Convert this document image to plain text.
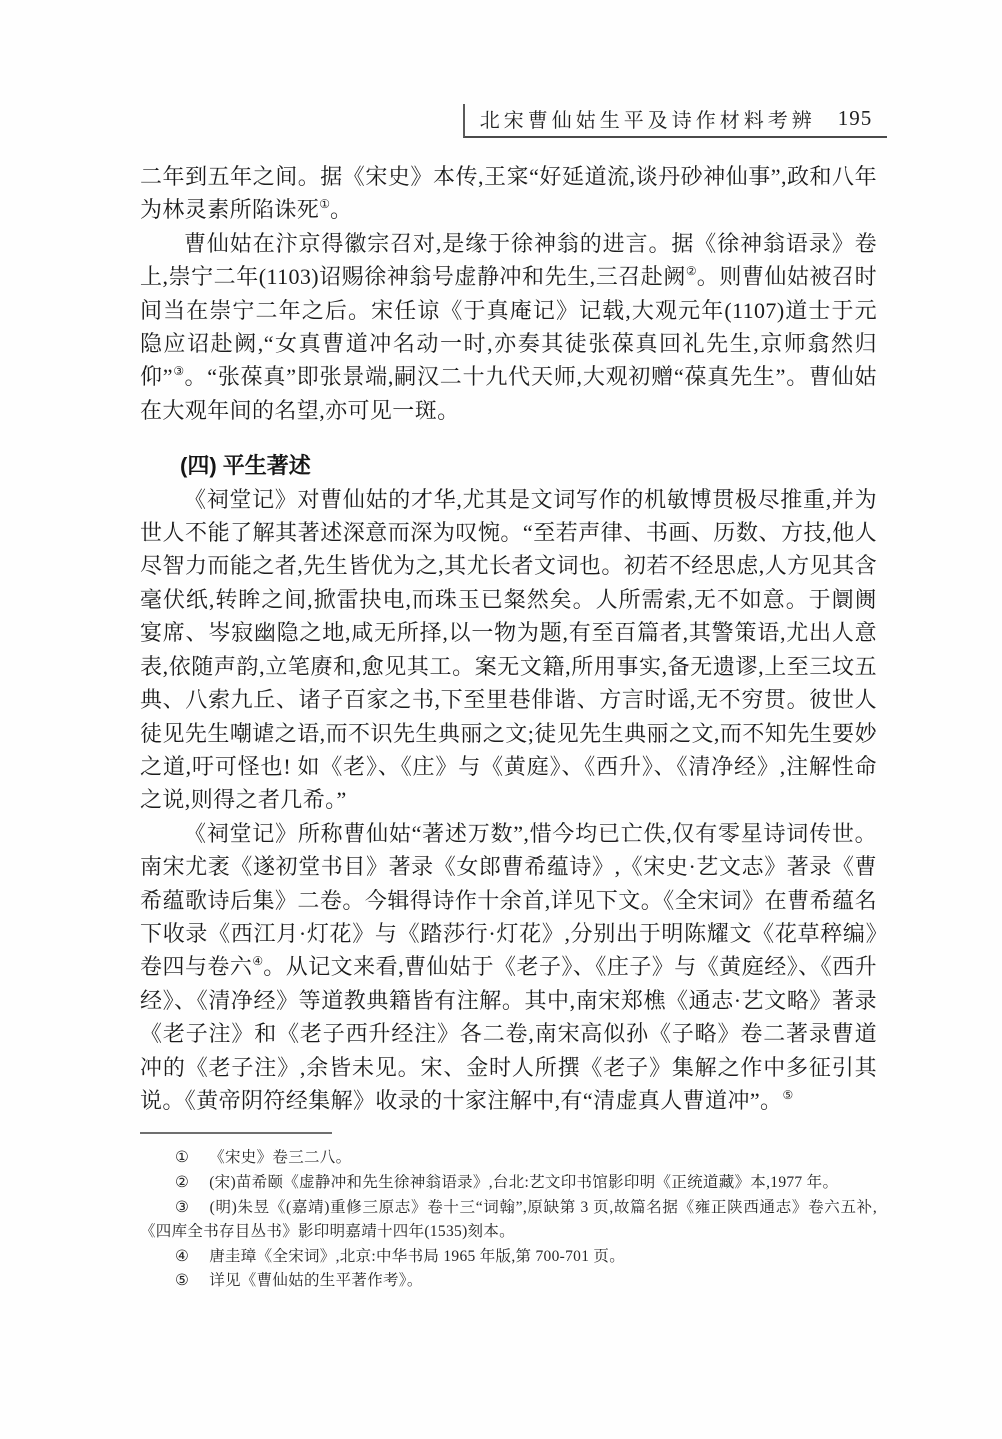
北宋曹仙姑生平及诗作材料考辨 195

二年到五年之间。据《宋史》本传,王寀“好延道流,谈丹砂神仙事”,政和八年为林灵素所陷诛死①。

曹仙姑在汴京得徽宗召对,是缘于徐神翁的进言。据《徐神翁语录》卷上,崇宁二年(1103)诏赐徐神翁号虚静冲和先生,三召赴阙②。则曹仙姑被召时间当在崇宁二年之后。宋任谅《于真庵记》记载,大观元年(1107)道士于元隐应诏赴阙,“女真曹道冲名动一时,亦奏其徒张葆真回礼先生,京师翕然归仰”③。“张葆真”即张景端,嗣汉二十九代天师,大观初赠“葆真先生”。曹仙姑在大观年间的名望,亦可见一斑。

(四) 平生著述

《祠堂记》对曹仙姑的才华,尤其是文词写作的机敏博贯极尽推重,并为世人不能了解其著述深意而深为叹惋。“至若声律、书画、历数、方技,他人尽智力而能之者,先生皆优为之,其尤长者文词也。初若不经思虑,人方见其含毫伏纸,转眸之间,掀雷抉电,而珠玉已粲然矣。人所需索,无不如意。于阛阓宴席、岑寂幽隐之地,咸无所择,以一物为题,有至百篇者,其警策语,尤出人意表,依随声韵,立笔赓和,愈见其工。案无文籍,所用事实,备无遗谬,上至三坟五典、八索九丘、诸子百家之书,下至里巷俳谐、方言时谣,无不穷贯。彼世人徒见先生嘲谑之语,而不识先生典丽之文;徒见先生典丽之文,而不知先生要妙之道,吁可怪也! 如《老》、《庄》与《黄庭》、《西升》、《清净经》,注解性命之说,则得之者几希。”

《祠堂记》所称曹仙姑“著述万数”,惜今均已亡佚,仅有零星诗词传世。南宋尤袤《遂初堂书目》著录《女郎曹希蕴诗》,《宋史·艺文志》著录《曹希蕴歌诗后集》二卷。今辑得诗作十余首,详见下文。《全宋词》在曹希蕴名下收录《西江月·灯花》与《踏莎行·灯花》,分别出于明陈耀文《花草稡编》卷四与卷六④。从记文来看,曹仙姑于《老子》、《庄子》与《黄庭经》、《西升经》、《清净经》等道教典籍皆有注解。其中,南宋郑樵《通志·艺文略》著录《老子注》和《老子西升经注》各二卷,南宋高似孙《子略》卷二著录曹道冲的《老子注》,余皆未见。宋、金时人所撰《老子》集解之作中多征引其说。《黄帝阴符经集解》收录的十家注解中,有“清虚真人曹道冲”。⑤

① 《宋史》卷三二八。

② (宋)苗希颐《虚静冲和先生徐神翁语录》,台北:艺文印书馆影印明《正统道藏》本,1977 年。

③ (明)朱昱《(嘉靖)重修三原志》卷十三“词翰”,原缺第 3 页,故篇名据《雍正陕西通志》卷六五补,《四库全书存目丛书》影印明嘉靖十四年(1535)刻本。

④ 唐圭璋《全宋词》,北京:中华书局 1965 年版,第 700-701 页。

⑤ 详见《曹仙姑的生平著作考》。
